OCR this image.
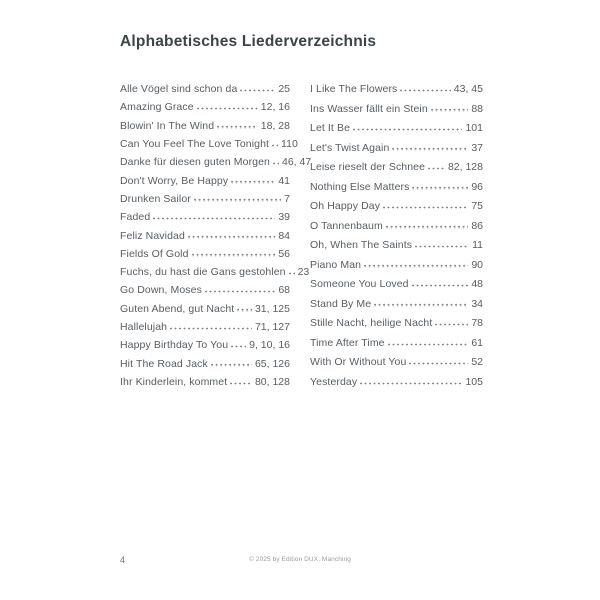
Alphabetisches Liederverzeichnis
Alle Vögel sind schon da	25
Amazing Grace	12, 16
Blowin' In The Wind	18, 28
Can You Feel The Love Tonight 110
Danke für diesen guten Morgen 46, 47
Don't Worry, Be Happy	41
Drunken Sailor	7
Faded	39
Feliz Navidad	84
Fields Of Gold	56
Fuchs, du hast die Gans gestohlen 23
Go Down, Moses	68
Guten Abend, gut Nacht 31, 125
Hallelujah	71, 127
Happy Birthday To You 9, 10, 16
Hit The Road Jack	65, 126
Ihr Kinderlein, kommet	80, 128
I Like The Flowers	43, 45
Ins Wasser fällt ein Stein	88
Let It Be	101
Let's Twist Again	37
Leise rieselt der Schnee 82, 128
Nothing Else Matters	96
Oh Happy Day	75
O Tannenbaum	86
Oh, When The Saints	11
Piano Man	90
Someone You Loved	48
Stand By Me	34
Stille Nacht, heilige Nacht	78
Time After Time	61
With Or Without You	52
Yesterday	105
4	© 2025 by Edition DUX, Manching
